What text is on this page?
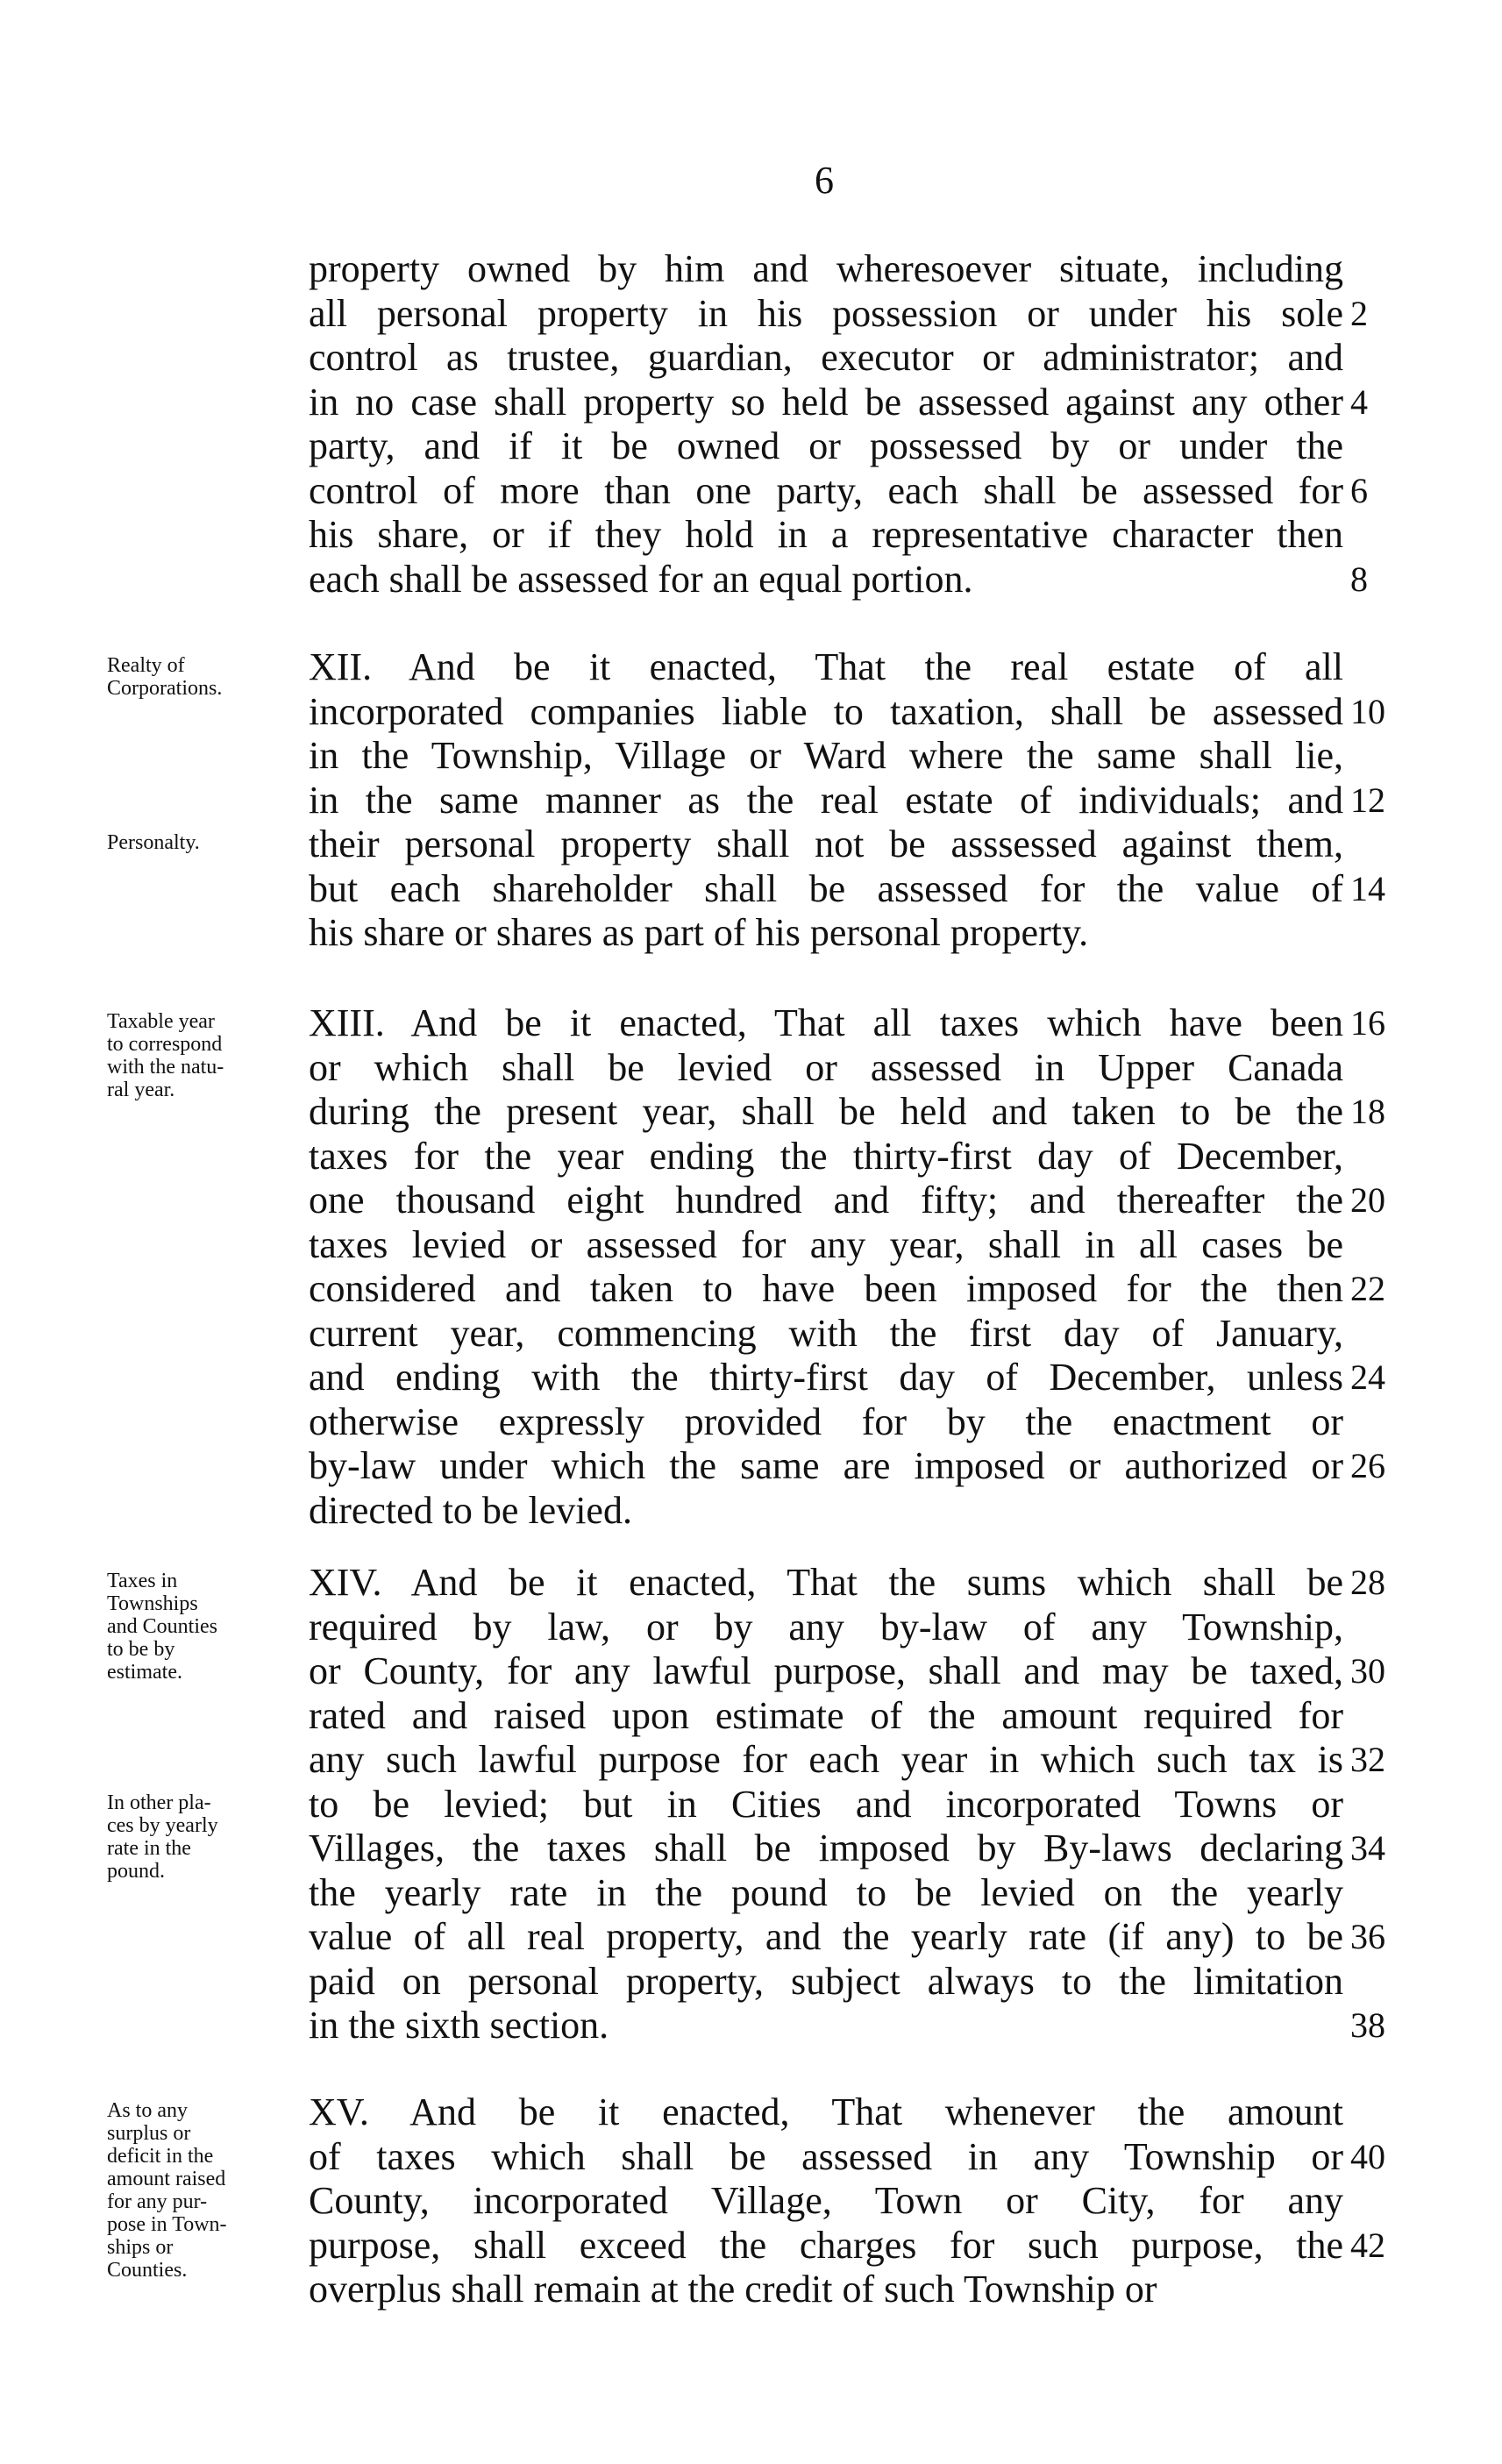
6
property owned by him and wheresoever situate, including
all personal property in his possession or under his sole 2
control as trustee, guardian, executor or administrator; and
in no case shall property so held be assessed against any other 4
party, and if it be owned or possessed by or under the
control of more than one party, each shall be assessed for 6
his share, or if they hold in a representative character then
each shall be assessed for an equal portion.	8
XII. And be it enacted, That the real estate of all
incorporated companies liable to taxation, shall be assessed 10
in the Township, Village or Ward where the same shall lie,
in the same manner as the real estate of individuals; and 12
their personal property shall not be asssessed against them,
but each shareholder shall be assessed for the value of 14
his share or shares as part of his personal property.
Realty of
Corporations.
Personalty.
XIII. And be it enacted, That all taxes which have been 16
or which shall be levied or assessed in Upper Canada
during the present year, shall be held and taken to be the 18
taxes for the year ending the thirty-first day of December,
one thousand eight hundred and fifty; and thereafter the 20
taxes levied or assessed for any year, shall in all cases be
considered and taken to have been imposed for the then 22
current year, commencing with the first day of January,
and ending with the thirty-first day of December, unless 24
otherwise expressly provided for by the enactment or
by-law under which the same are imposed or authorized or 26
directed to be levied.
Taxable year
to correspond
with the natu-
ral year.
XIV. And be it enacted, That the sums which shall be 28
required by law, or by any by-law of any Township,
or County, for any lawful purpose, shall and may be taxed, 30
rated and raised upon estimate of the amount required for
any such lawful purpose for each year in which such tax is 32
to be levied; but in Cities and incorporated Towns or
Villages, the taxes shall be imposed by By-laws declaring 34
the yearly rate in the pound to be levied on the yearly
value of all real property, and the yearly rate (if any) to be 36
paid on personal property, subject always to the limitation
in the sixth section.	38
Taxes in
Townships
and Counties
to be by
estimate.
In other pla-
ces by yearly
rate in the
pound.
XV. And be it enacted, That whenever the amount
of taxes which shall be assessed in any Township or 40
County, incorporated Village, Town or City, for any
purpose, shall exceed the charges for such purpose, the 42
overplus shall remain at the credit of such Township or
As to any
surplus or
deficit in the
amount raised
for any pur-
pose in Town-
ships or
Counties.
